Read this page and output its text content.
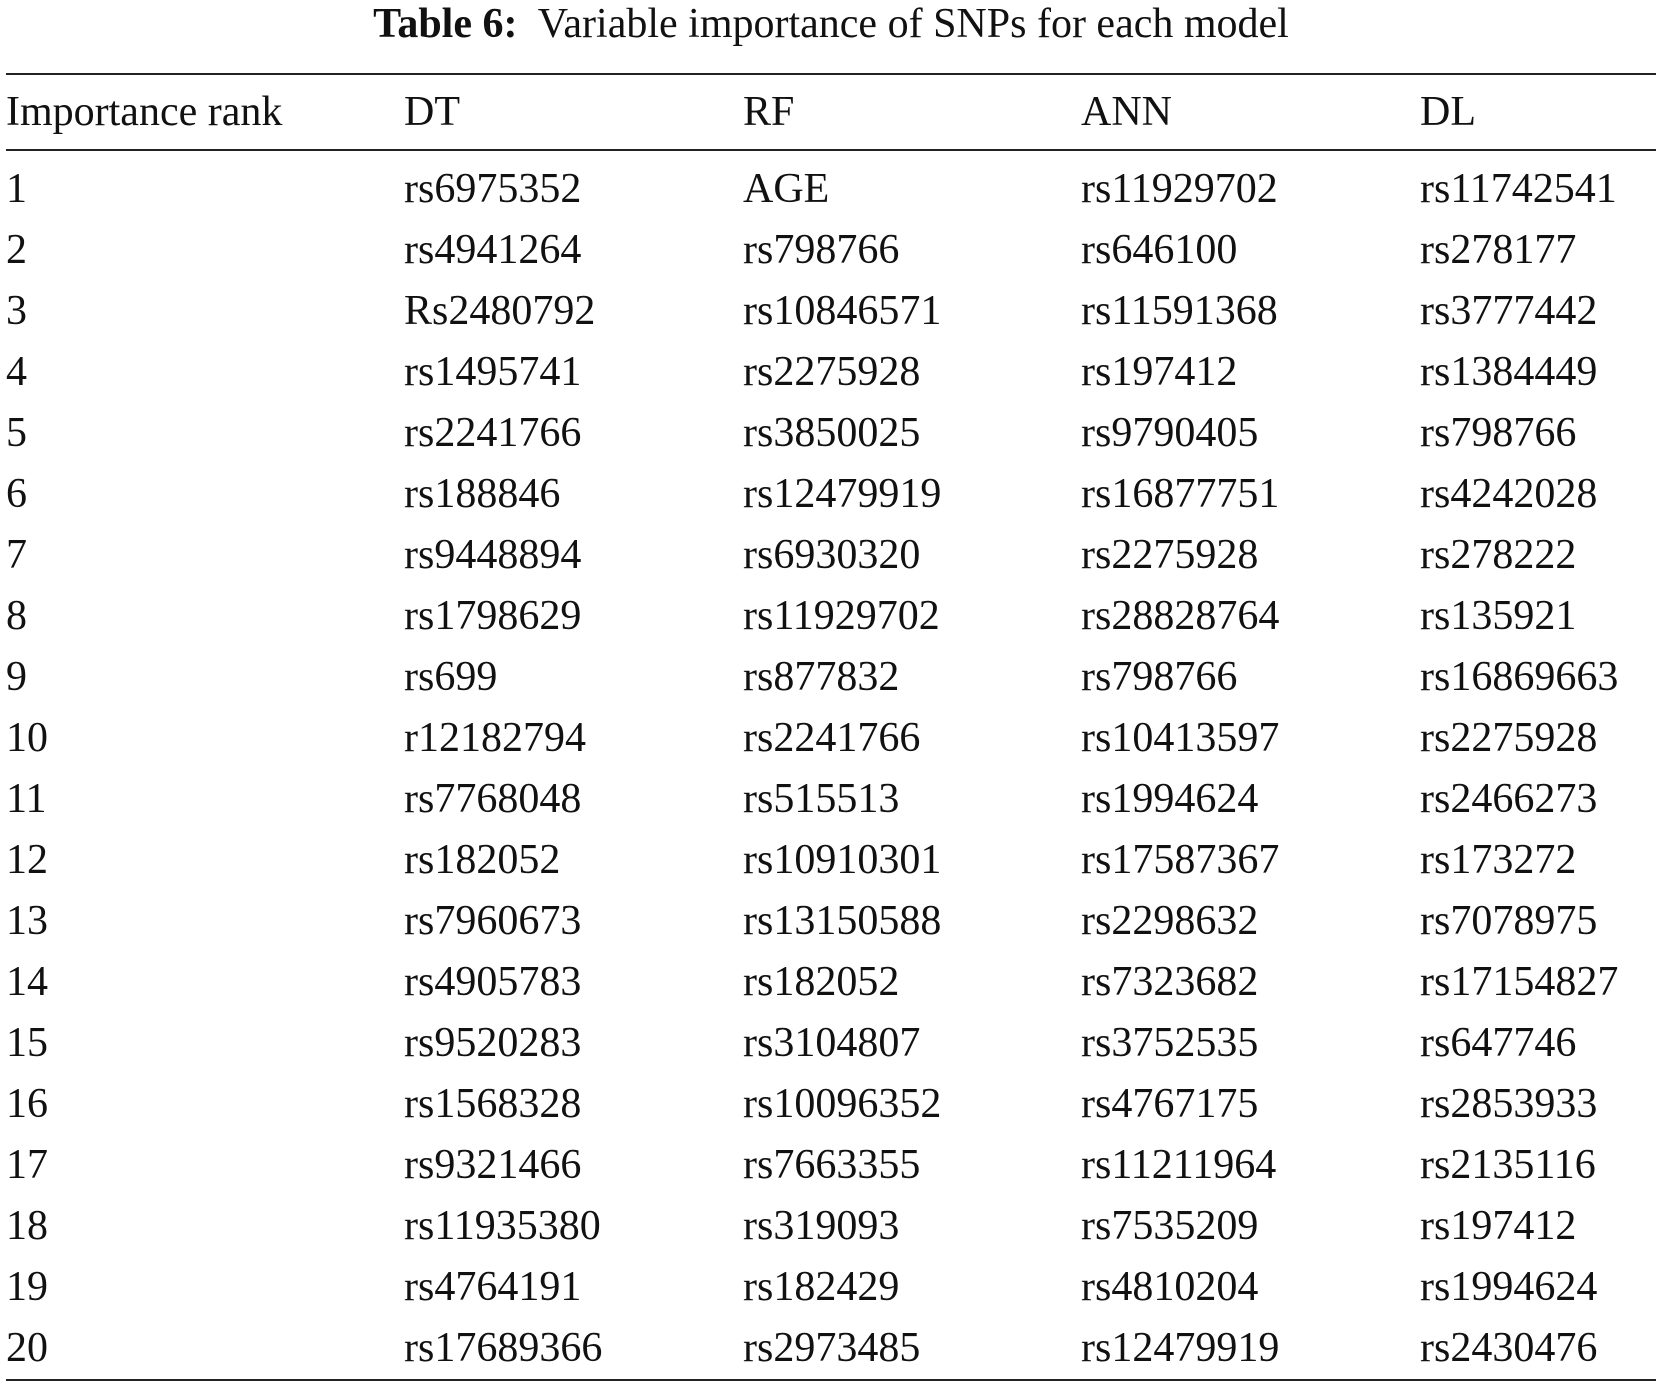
Table 6: Variable importance of SNPs for each model
Importance rank	DT	RF	ANN	DL
1	rs6975352	AGE	rs11929702	rs11742541
2	rs4941264	rs798766	rs646100	rs278177
3	Rs2480792	rs10846571	rs11591368	rs3777442
4	rs1495741	rs2275928	rs197412	rs1384449
5	rs2241766	rs3850025	rs9790405	rs798766
6	rs188846	rs12479919	rs16877751	rs4242028
7	rs9448894	rs6930320	rs2275928	rs278222
8	rs1798629	rs11929702	rs28828764	rs135921
9	rs699	rs877832	rs798766	rs16869663
10	r12182794	rs2241766	rs10413597	rs2275928
11	rs7768048	rs515513	rs1994624	rs2466273
12	rs182052	rs10910301	rs17587367	rs173272
13	rs7960673	rs13150588	rs2298632	rs7078975
14	rs4905783	rs182052	rs7323682	rs17154827
15	rs9520283	rs3104807	rs3752535	rs647746
16	rs1568328	rs10096352	rs4767175	rs2853933
17	rs9321466	rs7663355	rs11211964	rs2135116
18	rs11935380	rs319093	rs7535209	rs197412
19	rs4764191	rs182429	rs4810204	rs1994624
20	rs17689366	rs2973485	rs12479919	rs2430476
